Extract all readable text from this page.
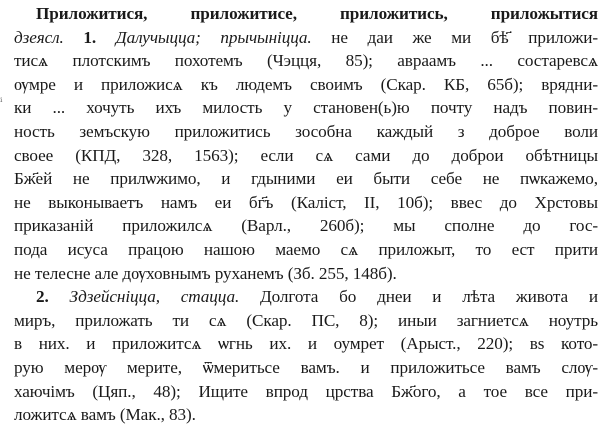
ⁱ
Приложитися, приложитисе, приложитись, приложытися
дзеясл. 1. Далучыцца; прычыніцца. не даи же ми бѣ҃ приложи-
тисѧ плотскимъ похотемъ (Чэцця, 85); авраамъ ... состаревсѧ
ѹмре и приложисѧ къ людемъ своимъ (Скар. КБ, 65б); врядни-
ки ... хочуть ихъ милость у становен(ь)ю почту надъ повин-
ность земъскую приложитись зособна каждый з доброе воли
своее (КПД, 328, 1563); если сѧ сами до доброи обѣтницы
Бж҃ей не прилѡжимо, и гдыними еи быти себе не пѡкажемо,
не выконываетъ намъ еи бг҃ъ (Каліст, II, 10б); ввес до Хрстовы
приказаній приложилсѧ (Варл., 260б); мы сполне до гос-
пода исуса працою нашою маемо сѧ приложыт, то ест при͏ти
не телесне але дѹховнымъ руханемъ (Зб. 255, 148б).
2. Здзейсніцца, стацца. Долгота бо днеи и лѣта живота и
миръ, приложать ти сѧ (Скар. ПС, 8); иныи загниетсѧ ноутрь
в них. и приложитсѧ ѡгнь их. и оумрет (Арыст., 220); вѕ кото-
рую мерѹ мерите, ѿмеритьсе вамъ. и приложитьсе вамъ слѹ-
хаючімъ (Цяп., 48); Ищите впрод црства Бж҃ого, а тое все при-
ложитсѧ вамъ (Мак., 83).
